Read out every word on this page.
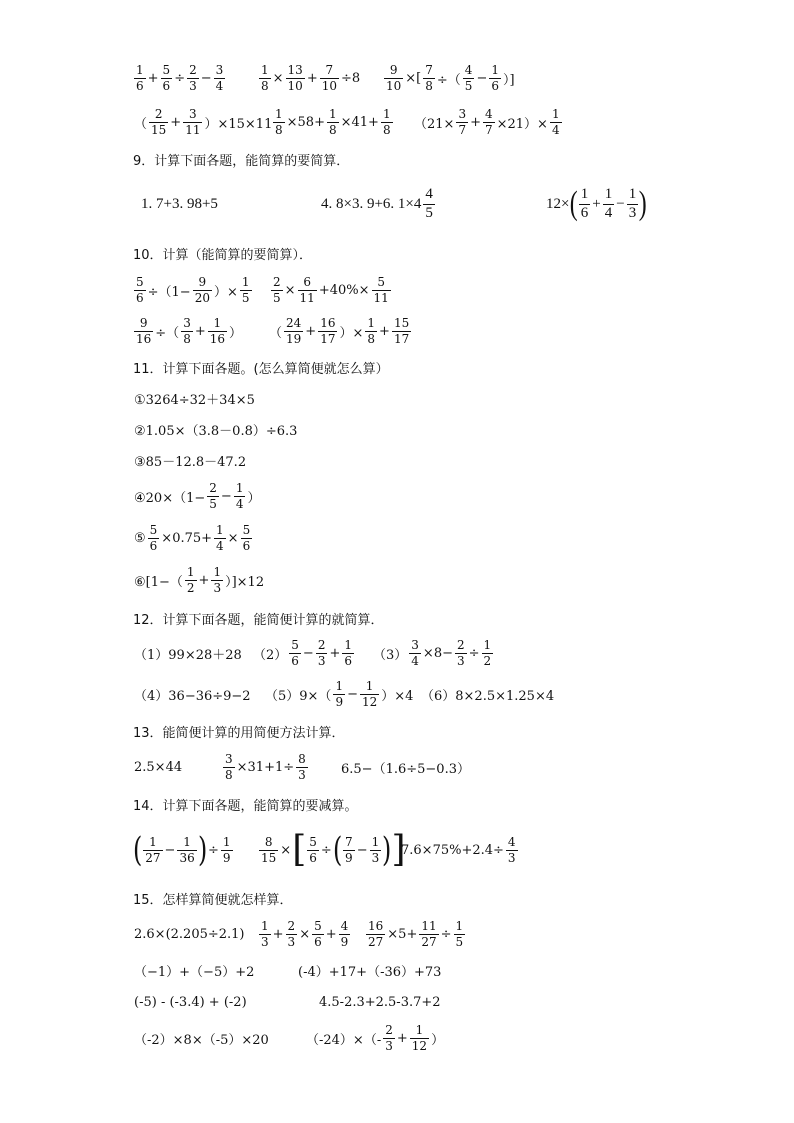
$\frac{1}{6} + \frac{5}{6} \div \frac{2}{3} - \frac{3}{4}$	$\frac{1}{8} \times \frac{13}{10} + \frac{7}{10} \div 8 \frac{9}{10}$ ×[ $\frac{7}{8}$ ÷（ $\frac{4}{5} - \frac{1}{6}$ ）]
（ $\frac{2}{15} + \frac{3}{11} )\times 15\times 11 \frac{1}{8} \times 58+ \frac{1}{8} \times 41+ \frac{1}{8} (21\times \frac{3}{7} + \frac{4}{7} \times 21)\times \frac{1}{4}$
9．计算下面各题，能简算的要简算．
1. 7+3. 98+5	4. 8×3. 9+6. $1\times 4 \frac{4}{5}$	12× ( $\frac{1}{6} + \frac{1}{4} - \frac{1}{3}$ )
10．计算（能简算的要简算）．
$\frac{5}{6} \div(1- \frac{9}{20}$ ）× $\frac{1}{5} \frac{2}{5} \times \frac{6}{11} +40\%\times \frac{5}{11}$
$\frac{9}{16}$ ÷（ $\frac{3}{8} + \frac{1}{16}$ ） （ $\frac{24}{19} + \frac{16}{17}$ ）× $\frac{1}{8} + \frac{15}{17}$
11．计算下面各题。(怎么算简便就怎么算）
①3264÷32＋34×5
②1.05×（3.8－0.8）÷6.3
③85－12.8－47.2
④20×（1− $\frac{2}{5} - \frac{1}{4}$ ）
⑤ $\frac{5}{6} \times 0.75+ \frac{1}{4} \times \frac{5}{6}$
⑥[1−（ $\frac{1}{2} + \frac{1}{3} )]\times 12$
12．计算下面各题，能简便计算的就简算．
（1）99×28＋28 $(2) \frac{5}{6} - \frac{2}{3} + \frac{1}{6} (3) \frac{3}{4} \times 8- \frac{2}{3} \div \frac{1}{2}$
（4）36−36÷9−2 $(5)9\times( \frac{1}{9} - \frac{1}{12} )\times 4$ （6）8×2.5×1.25×4
13．能简便计算的用简便方法计算．
2.5×44	$\frac{3}{8} \times 31+1\div \frac{8}{3}$	6.5−（1.6÷5−0.3）
14．计算下面各题，能简算的要减算。
( $\frac{1}{27} - \frac{1}{36}$ ) ÷ $\frac{1}{9} \frac{8}{15}$ × [ $\frac{5}{6}$ ÷ ( $\frac{7}{9} - \frac{1}{3}$ ) ]
$7.6\times 75\%+2.4\div \frac{4}{3}$
15．怎样算简便就怎样算．
$2.6\times(2.205\div 2.1) \frac{1}{3} + \frac{2}{3} \times \frac{5}{6} + \frac{4}{9} \frac{16}{27} \times 5+ \frac{11}{27} \div \frac{1}{5}$
（−1）+（−5）+2	(-4）+17+（-36）+73
(-5) - (-3.4) + (-2)	4.5-2.3+2.5-3.7+2
（-2）×8×（-5）×20	$(-24)\times(- \frac{2}{3} + \frac{1}{12}$ ）
